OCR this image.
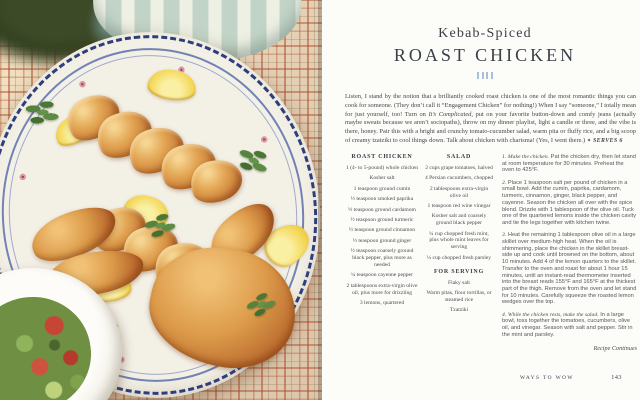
Kebab-Spiced
ROAST CHICKEN
Listen, I stand by the notion that a brilliantly cooked roast chicken is one of the most romantic things you can cook for someone. (They don’t call it “Engagement Chicken” for nothing!) When I say “someone,” I totally mean for just yourself, too! Turn on It’s Complicated, put on your favorite button-down and comfy jeans (actually maybe sweats because we aren’t sociopaths), throw on my dinner playlist, light a candle or three, and the vibe is there, honey. Pair this with a bright and crunchy tomato-cucumber salad, warm pita or fluffy rice, and a big scoop of creamy tzatziki to cool things down. Talk about chicken with charisma! (Yes, I went there.) ✦ SERVES 6
ROAST CHICKEN
1 (4- to 5-pound) whole chicken
Kosher salt
1 teaspoon ground cumin
½ teaspoon smoked paprika
½ teaspoon ground cardamom
½ teaspoon ground turmeric
½ teaspoon ground cinnamon
½ teaspoon ground ginger
½ teaspoon coarsely ground black pepper, plus more as needed
¼ teaspoon cayenne pepper
2 tablespoons extra-virgin olive oil, plus more for drizzling
3 lemons, quartered
SALAD
2 cups grape tomatoes, halved
4 Persian cucumbers, chopped
2 tablespoons extra-virgin olive oil
1 teaspoon red wine vinegar
Kosher salt and coarsely ground black pepper
¼ cup chopped fresh mint, plus whole mint leaves for serving
¼ cup chopped fresh parsley
FOR SERVING
Flaky salt
Warm pitas, flour tortillas, or steamed rice
Tzatziki

1. Make the chicken. Pat the chicken dry, then let stand at room temperature for 30 minutes. Preheat the oven to 425°F.

2. Place 1 teaspoon salt per pound of chicken in a small bowl. Add the cumin, paprika, cardamom, turmeric, cinnamon, ginger, black pepper, and cayenne. Season the chicken all over with the spice blend. Drizzle with 1 tablespoon of the olive oil. Tuck one of the quartered lemons inside the chicken cavity and tie the legs together with kitchen twine.

3. Heat the remaining 1 tablespoon olive oil in a large skillet over medium-high heat. When the oil is shimmering, place the chicken in the skillet breast-side up and cook until browned on the bottom, about 10 minutes. Add 4 of the lemon quarters to the skillet. Transfer to the oven and roast for about 1 hour 15 minutes, until an instant-read thermometer inserted into the breast reads 155°F and 165°F at the thickest part of the thigh. Remove from the oven and let stand for 10 minutes. Carefully squeeze the roasted lemon wedges over the top.

4. While the chicken rests, make the salad. In a large bowl, toss together the tomatoes, cucumbers, olive oil, and vinegar. Season with salt and pepper. Stir in the mint and parsley.

Recipe Continues
WAYS TO WOW	143
